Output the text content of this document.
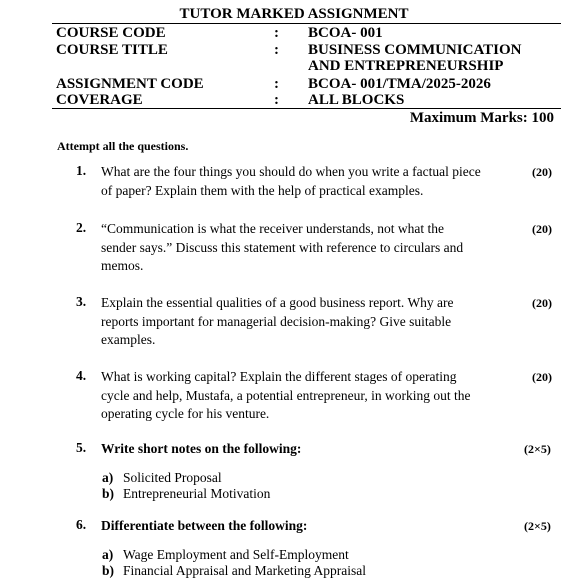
TUTOR MARKED ASSIGNMENT
COURSE CODE	: BCOA- 001
COURSE TITLE	: BUSINESS COMMUNICATION
AND ENTREPRENEURSHIP
ASSIGNMENT CODE	: BCOA- 001/TMA/2025-2026
COVERAGE	: ALL BLOCKS
Maximum Marks: 100
Attempt all the questions.
1. What are the four things you should do when you write a factual piece
of paper? Explain them with the help of practical examples.
(20)
2. “Communication is what the receiver understands, not what the
sender says.” Discuss this statement with reference to circulars and
memos.
(20)
3. Explain the essential qualities of a good business report. Why are
reports important for managerial decision-making? Give suitable
examples.
(20)
4. What is working capital? Explain the different stages of operating
cycle and help, Mustafa, a potential entrepreneur, in working out the
operating cycle for his venture.
(20)
5. Write short notes on the following:	(2×5)
a) Solicited Proposal
b) Entrepreneurial Motivation
6. Differentiate between the following:	(2×5)
a) Wage Employment and Self-Employment
b) Financial Appraisal and Marketing Appraisal
